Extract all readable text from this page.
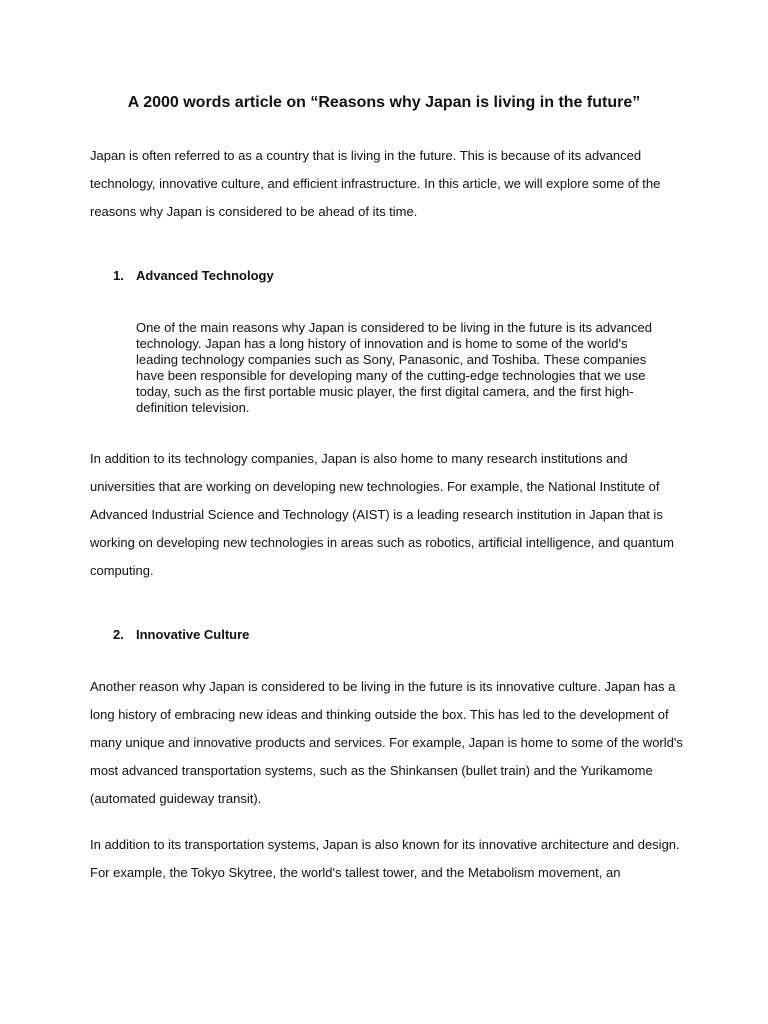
A 2000 words article on “Reasons why Japan is living in the future”

Japan is often referred to as a country that is living in the future. This is because of its advanced technology, innovative culture, and efficient infrastructure. In this article, we will explore some of the reasons why Japan is considered to be ahead of its time.

1. Advanced Technology

One of the main reasons why Japan is considered to be living in the future is its advanced technology. Japan has a long history of innovation and is home to some of the world's leading technology companies such as Sony, Panasonic, and Toshiba. These companies have been responsible for developing many of the cutting-edge technologies that we use today, such as the first portable music player, the first digital camera, and the first high-definition television.

In addition to its technology companies, Japan is also home to many research institutions and universities that are working on developing new technologies. For example, the National Institute of Advanced Industrial Science and Technology (AIST) is a leading research institution in Japan that is working on developing new technologies in areas such as robotics, artificial intelligence, and quantum computing.

2. Innovative Culture

Another reason why Japan is considered to be living in the future is its innovative culture. Japan has a long history of embracing new ideas and thinking outside the box. This has led to the development of many unique and innovative products and services. For example, Japan is home to some of the world's most advanced transportation systems, such as the Shinkansen (bullet train) and the Yurikamome (automated guideway transit).

In addition to its transportation systems, Japan is also known for its innovative architecture and design. For example, the Tokyo Skytree, the world's tallest tower, and the Metabolism movement, an
